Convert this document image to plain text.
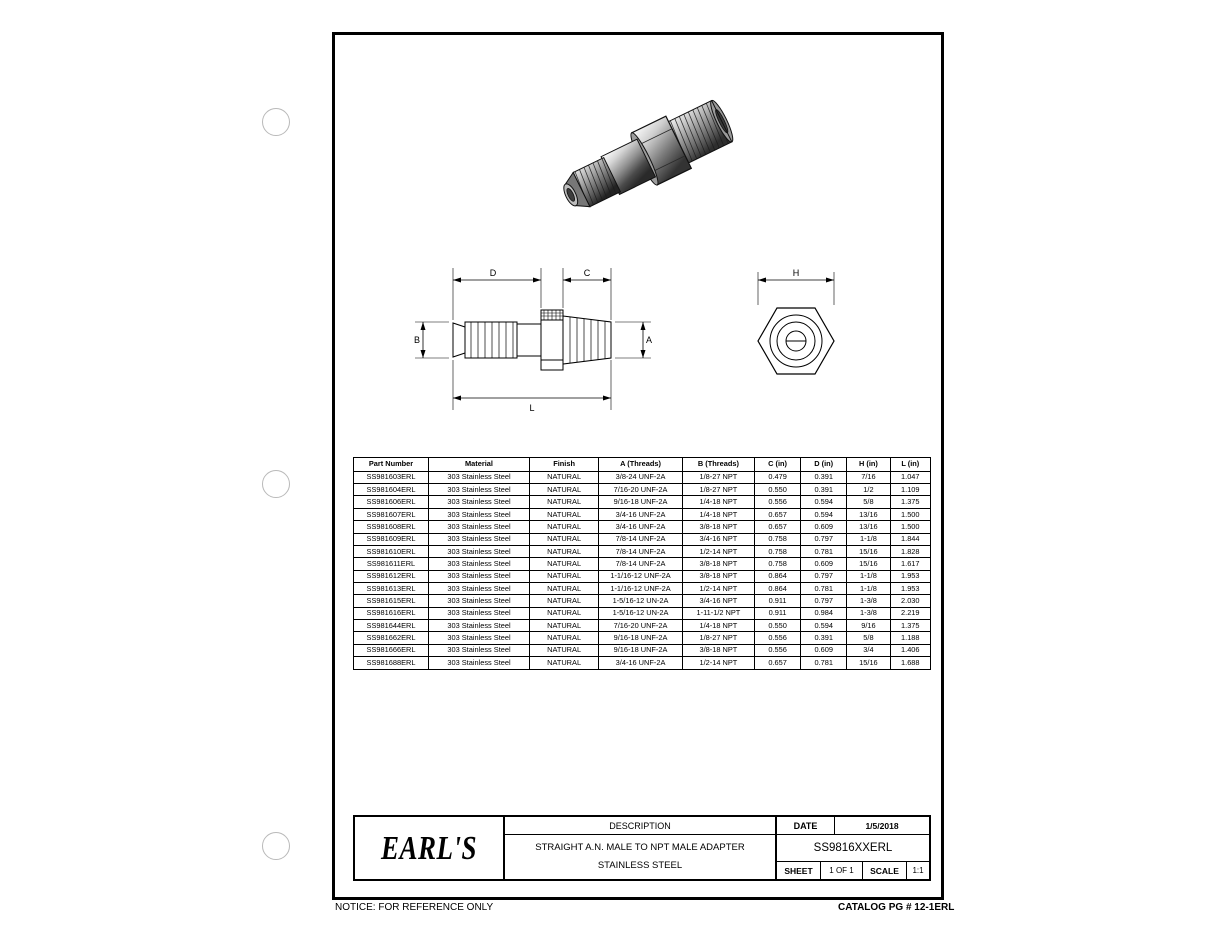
D	C
B	A
L
H
Part Number	Material	Finish	A (Threads)	B (Threads)	C (in)	D (in)	H (in)	L (in)
SS981603ERL	303 Stainless Steel	NATURAL	3/8-24 UNF-2A	1/8-27 NPT	0.479	0.391	7/16	1.047
SS981604ERL	303 Stainless Steel	NATURAL	7/16-20 UNF-2A	1/8-27 NPT	0.550	0.391	1/2	1.109
SS981606ERL	303 Stainless Steel	NATURAL	9/16-18 UNF-2A	1/4-18 NPT	0.556	0.594	5/8	1.375
SS981607ERL	303 Stainless Steel	NATURAL	3/4-16 UNF-2A	1/4-18 NPT	0.657	0.594	13/16	1.500
SS981608ERL	303 Stainless Steel	NATURAL	3/4-16 UNF-2A	3/8-18 NPT	0.657	0.609	13/16	1.500
SS981609ERL	303 Stainless Steel	NATURAL	7/8-14 UNF-2A	3/4-16 NPT	0.758	0.797	1-1/8	1.844
SS981610ERL	303 Stainless Steel	NATURAL	7/8-14 UNF-2A	1/2-14 NPT	0.758	0.781	15/16	1.828
SS981611ERL	303 Stainless Steel	NATURAL	7/8-14 UNF-2A	3/8-18 NPT	0.758	0.609	15/16	1.617
SS981612ERL	303 Stainless Steel	NATURAL	1-1/16-12 UNF-2A	3/8-18 NPT	0.864	0.797	1-1/8	1.953
SS981613ERL	303 Stainless Steel	NATURAL	1-1/16-12 UNF-2A	1/2-14 NPT	0.864	0.781	1-1/8	1.953
SS981615ERL	303 Stainless Steel	NATURAL	1-5/16-12 UN-2A	3/4-16 NPT	0.911	0.797	1-3/8	2.030
SS981616ERL	303 Stainless Steel	NATURAL	1-5/16-12 UN-2A	1-11-1/2 NPT	0.911	0.984	1-3/8	2.219
SS981644ERL	303 Stainless Steel	NATURAL	7/16-20 UNF-2A	1/4-18 NPT	0.550	0.594	9/16	1.375
SS981662ERL	303 Stainless Steel	NATURAL	9/16-18 UNF-2A	1/8-27 NPT	0.556	0.391	5/8	1.188
SS981666ERL	303 Stainless Steel	NATURAL	9/16-18 UNF-2A	3/8-18 NPT	0.556	0.609	3/4	1.406
SS981688ERL	303 Stainless Steel	NATURAL	3/4-16 UNF-2A	1/2-14 NPT	0.657	0.781	15/16	1.688
EARL'S
DESCRIPTION
STRAIGHT A.N. MALE TO NPT MALE ADAPTER
STAINLESS STEEL
DATE	1/5/2018
SS9816XXERL
SHEET	1 OF 1	SCALE	1:1
NOTICE: FOR REFERENCE ONLY	CATALOG PG # 12-1ERL
